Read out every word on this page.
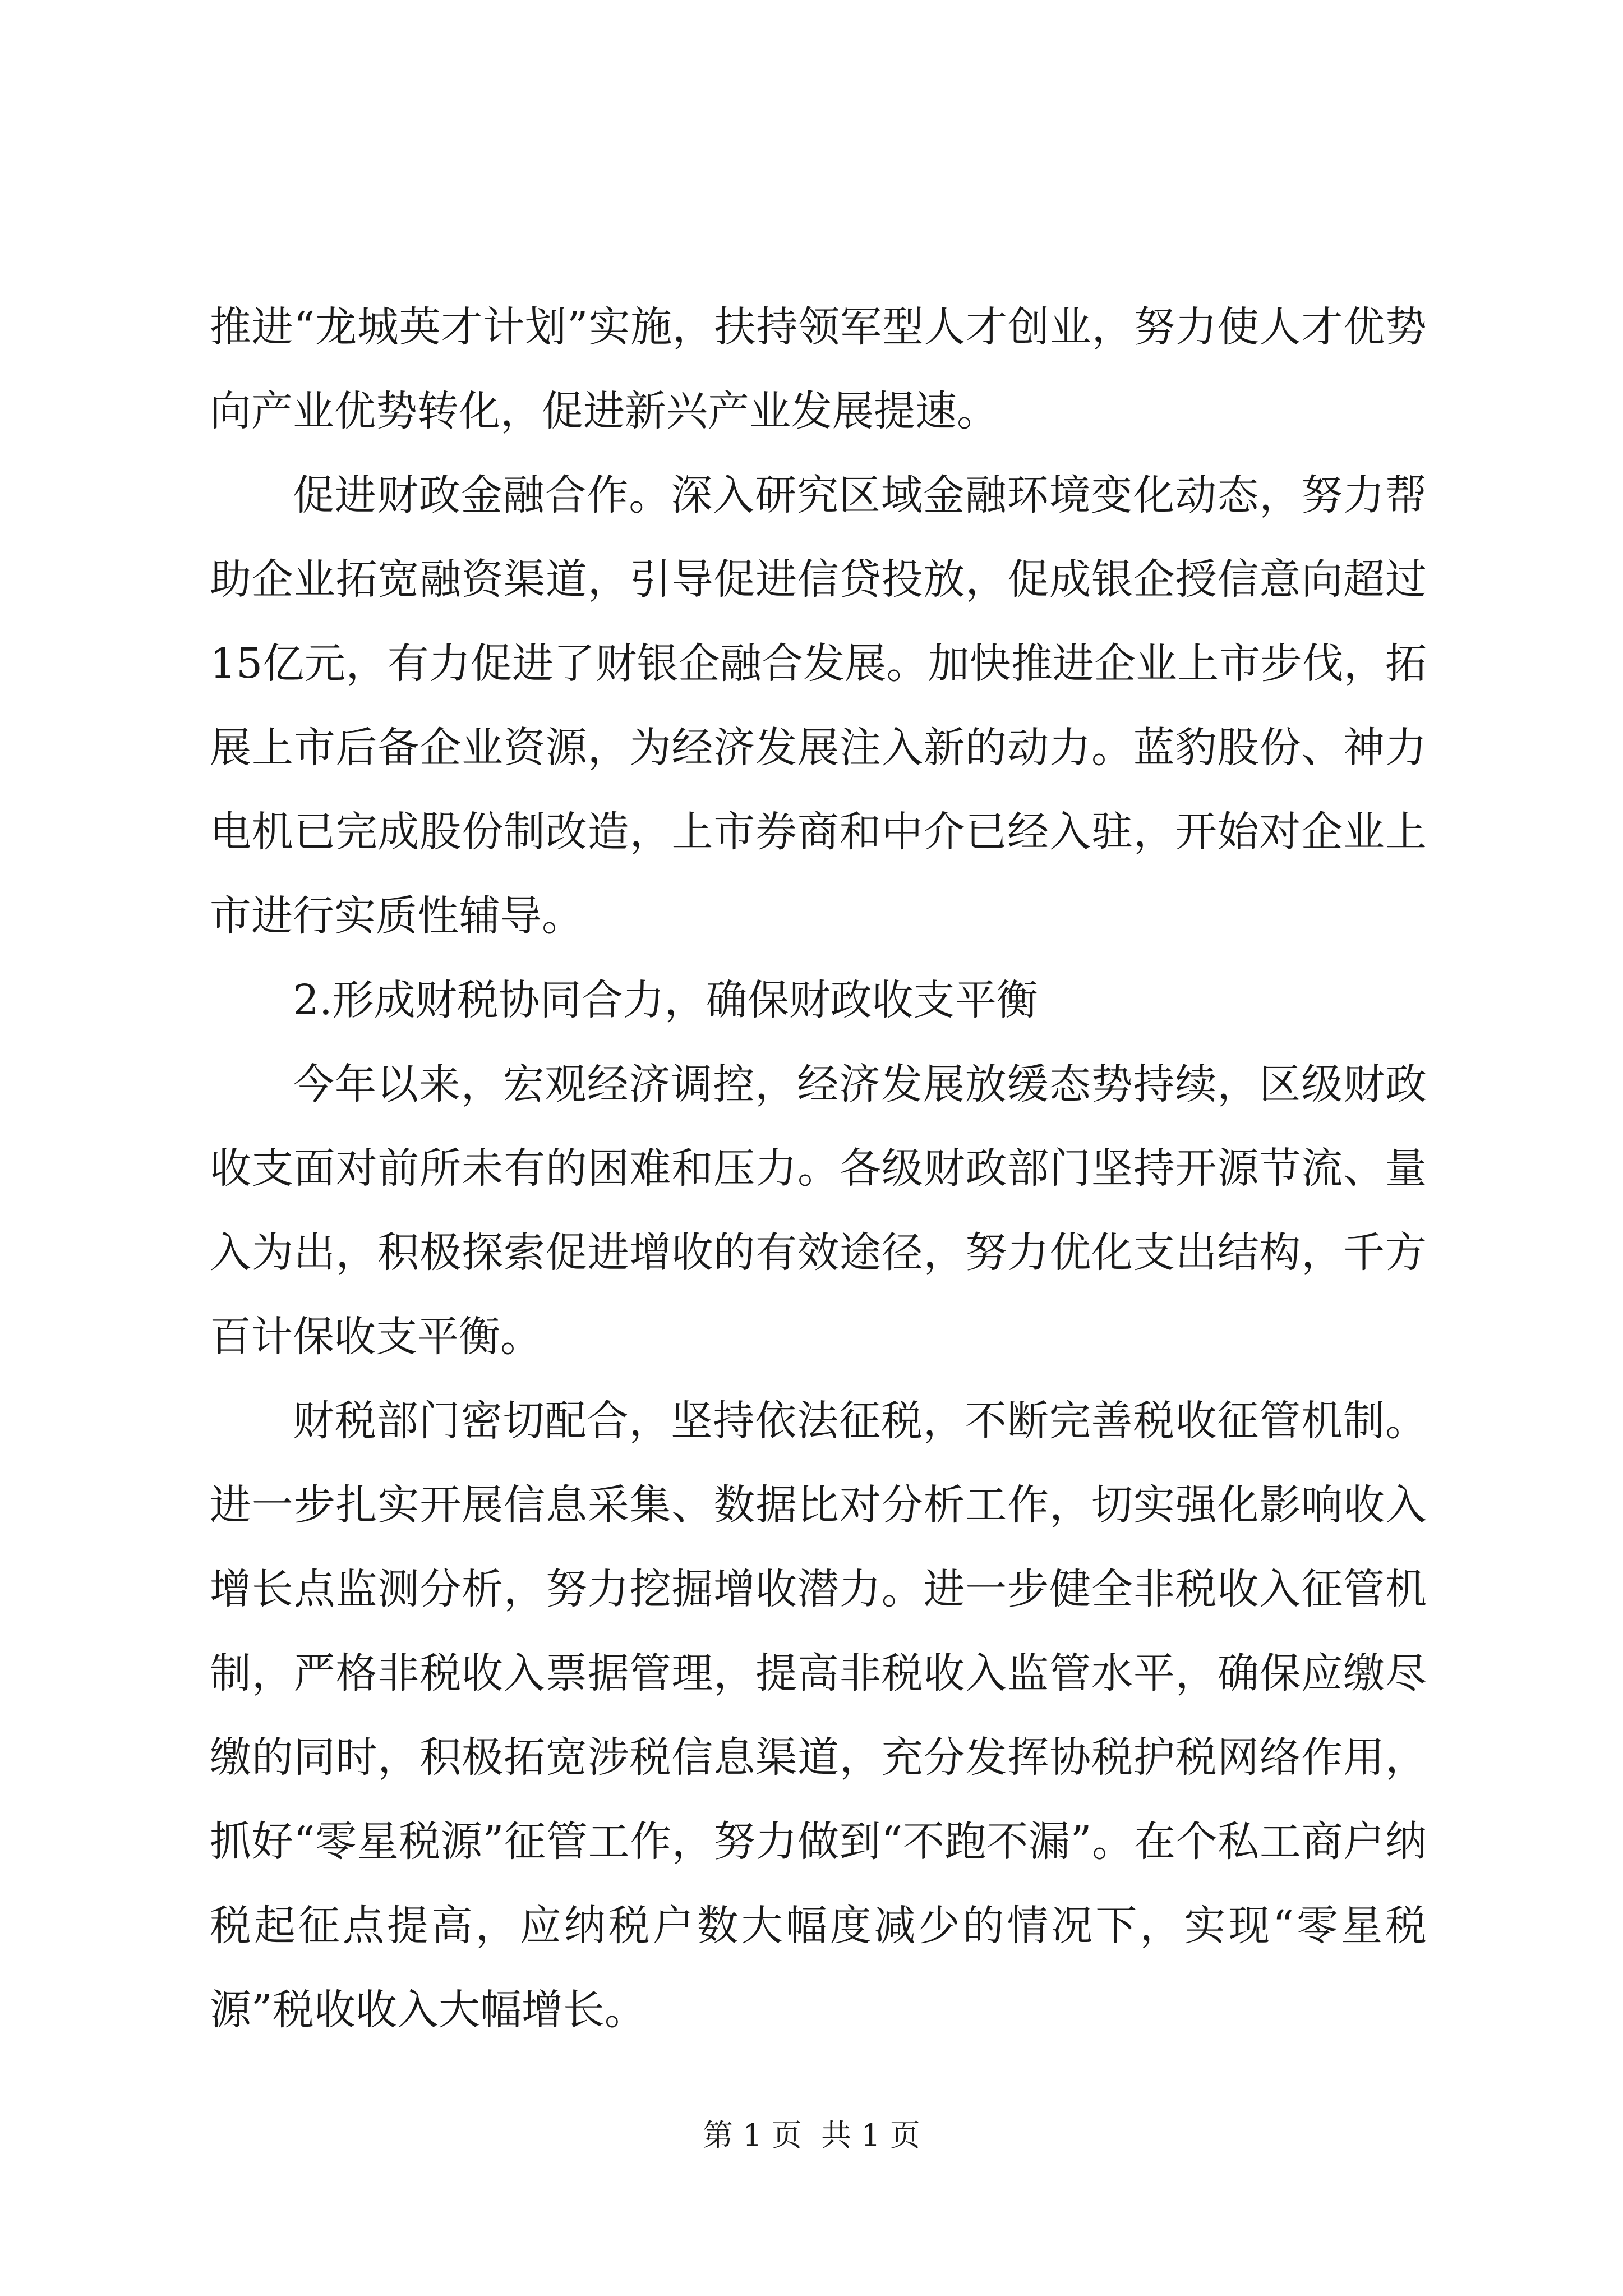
推进“龙城英才计划”实施，扶持领军型人才创业，努力使人才优势向产业优势转化，促进新兴产业发展提速。

促进财政金融合作。深入研究区域金融环境变化动态，努力帮助企业拓宽融资渠道，引导促进信贷投放，促成银企授信意向超过15亿元，有力促进了财银企融合发展。加快推进企业上市步伐，拓展上市后备企业资源，为经济发展注入新的动力。蓝豹股份、神力电机已完成股份制改造，上市券商和中介已经入驻，开始对企业上市进行实质性辅导。

2.形成财税协同合力，确保财政收支平衡

今年以来，宏观经济调控，经济发展放缓态势持续，区级财政收支面对前所未有的困难和压力。各级财政部门坚持开源节流、量入为出，积极探索促进增收的有效途径，努力优化支出结构，千方百计保收支平衡。

财税部门密切配合，坚持依法征税，不断完善税收征管机制。进一步扎实开展信息采集、数据比对分析工作，切实强化影响收入增长点监测分析，努力挖掘增收潜力。进一步健全非税收入征管机制，严格非税收入票据管理，提高非税收入监管水平，确保应缴尽缴的同时，积极拓宽涉税信息渠道，充分发挥协税护税网络作用，抓好“零星税源”征管工作，努力做到“不跑不漏”。在个私工商户纳税起征点提高，应纳税户数大幅度减少的情况下，实现“零星税源”税收收入大幅增长。

第 1 页  共 1 页
